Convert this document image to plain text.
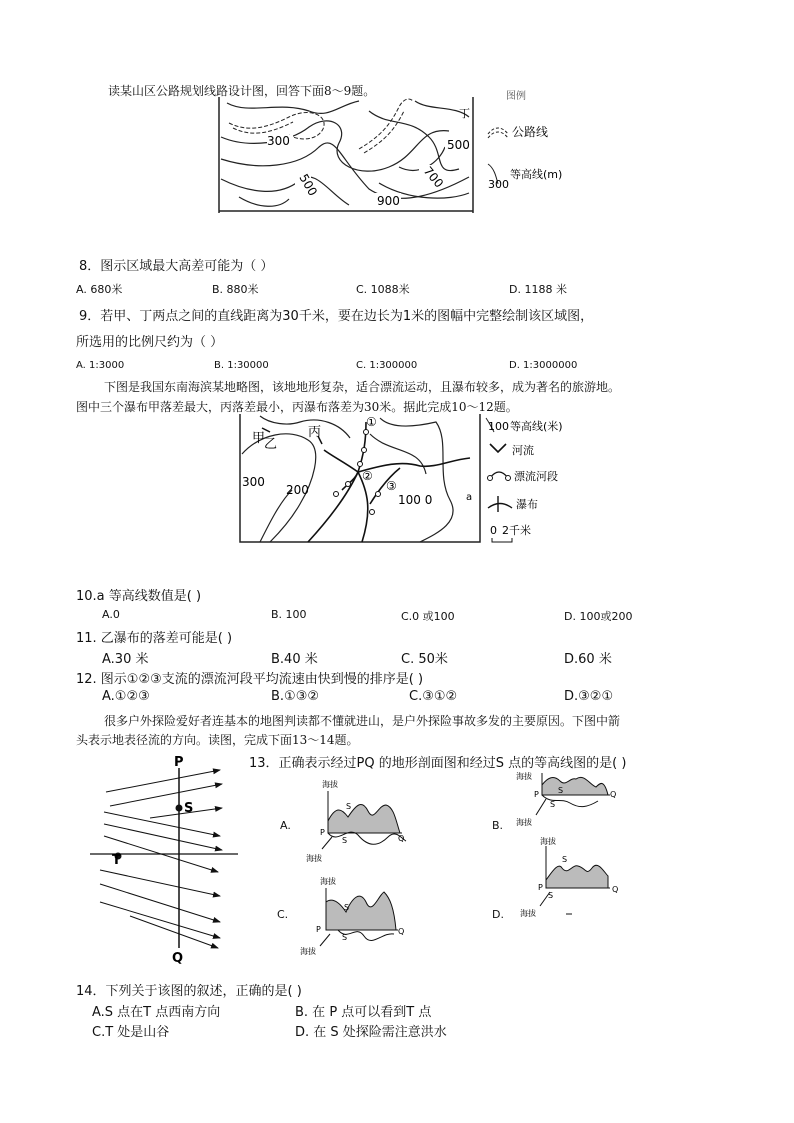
读某山区公路规划线路设计图，回答下面8～9题。
300
500	700
900
500
丁
图例
公路线
300
等高线(m)
8．图示区域最大高差可能为（ ）
A. 680米	B. 880米	C. 1088米	D. 1188 米
9．若甲、丁两点之间的直线距离为30千米，要在边长为1米的图幅中完整绘制该区域图，
所选用的比例尺约为（ ）
A. 1:3000	B. 1:30000	C. 1:300000	D. 1:3000000
下图是我国东南海滨某地略图，该地地形复杂，适合漂流运动，且瀑布较多，成为著名的旅游地。
图中三个瀑布甲落差最大，丙落差最小，丙瀑布落差为30米。据此完成10～12题。
甲
乙
丙
300
200
100 0	a
①
②
③
100 等高线(米)
河流
漂流河段
瀑布
0 2千米
10.a 等高线数值是( )
A.0	B. 100	C.0 或100	D. 100或200
11. 乙瀑布的落差可能是( )
A.30 米	B.40 米	C. 50米	D.60 米
12. 图示①②③支流的漂流河段平均流速由快到慢的排序是( )
A.①②③	B.①③②	C.③①②	D.③②①
很多户外探险爱好者连基本的地图判读都不懂就进山，是户外探险事故多发的主要原因。下图中箭
头表示地表径流的方向。读图，完成下面13～14题。
P
S
T
Q
13．正确表示经过PQ 的地形剖面图和经过S 点的等高线图的是( )
A.
海拔
S
P
Q
S
海拔
B.
海拔
S
P	Q
S
海拔
C.
海拔
S
P	Q
S
海拔
D.
海拔
S
P	Q
S
海拔
14．下列关于该图的叙述，正确的是( )
A.S 点在T 点西南方向	B. 在 P 点可以看到T 点
C.T 处是山谷	D. 在 S 处探险需注意洪水
